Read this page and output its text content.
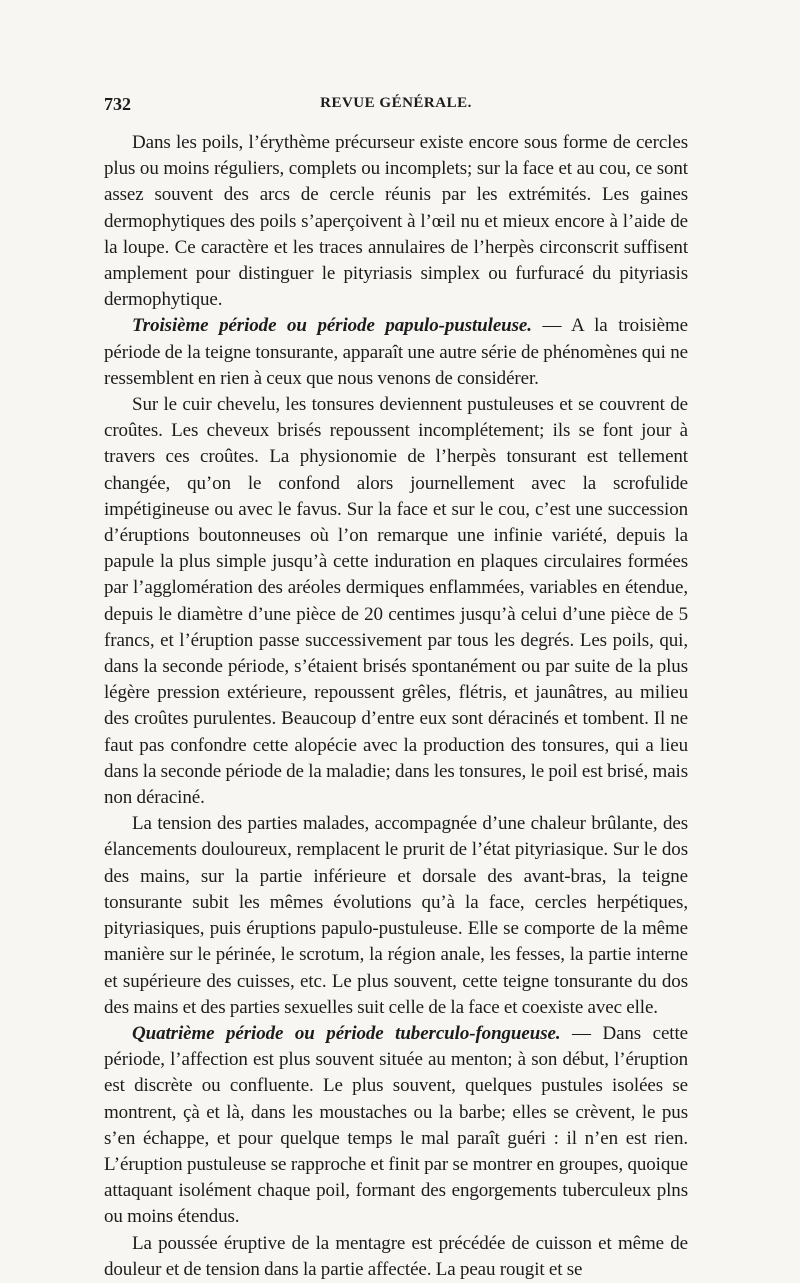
732	REVUE GÉNÉRALE.

Dans les poils, l’érythème précurseur existe encore sous forme de cercles plus ou moins réguliers, complets ou incomplets; sur la face et au cou, ce sont assez souvent des arcs de cercle réunis par les extrémités. Les gaines dermophytiques des poils s’aperçoivent à l’œil nu et mieux encore à l’aide de la loupe. Ce caractère et les traces annulaires de l’herpès circonscrit suffisent amplement pour distinguer le pityriasis simplex ou furfuracé du pityriasis dermophytique.

Troisième période ou période papulo-pustuleuse. — A la troisième période de la teigne tonsurante, apparaît une autre série de phénomènes qui ne ressemblent en rien à ceux que nous venons de considérer.

Sur le cuir chevelu, les tonsures deviennent pustuleuses et se couvrent de croûtes. Les cheveux brisés repoussent incomplétement; ils se font jour à travers ces croûtes. La physionomie de l’herpès tonsurant est tellement changée, qu’on le confond alors journellement avec la scrofulide impétigineuse ou avec le favus. Sur la face et sur le cou, c’est une succession d’éruptions boutonneuses où l’on remarque une infinie variété, depuis la papule la plus simple jusqu’à cette induration en plaques circulaires formées par l’agglomération des aréoles dermiques enflammées, variables en étendue, depuis le diamètre d’une pièce de 20 centimes jusqu’à celui d’une pièce de 5 francs, et l’éruption passe successivement par tous les degrés. Les poils, qui, dans la seconde période, s’étaient brisés spontanément ou par suite de la plus légère pression extérieure, repoussent grêles, flétris, et jaunâtres, au milieu des croûtes purulentes. Beaucoup d’entre eux sont déracinés et tombent. Il ne faut pas confondre cette alopécie avec la production des tonsures, qui a lieu dans la seconde période de la maladie; dans les tonsures, le poil est brisé, mais non déraciné.

La tension des parties malades, accompagnée d’une chaleur brûlante, des élancements douloureux, remplacent le prurit de l’état pityriasique. Sur le dos des mains, sur la partie inférieure et dorsale des avant-bras, la teigne tonsurante subit les mêmes évolutions qu’à la face, cercles herpétiques, pityriasiques, puis éruptions papulo-pustuleuse. Elle se comporte de la même manière sur le périnée, le scrotum, la région anale, les fesses, la partie interne et supérieure des cuisses, etc. Le plus souvent, cette teigne tonsurante du dos des mains et des parties sexuelles suit celle de la face et coexiste avec elle.

Quatrième période ou période tuberculo-fongueuse. — Dans cette période, l’affection est plus souvent située au menton; à son début, l’éruption est discrète ou confluente. Le plus souvent, quelques pustules isolées se montrent, çà et là, dans les moustaches ou la barbe; elles se crèvent, le pus s’en échappe, et pour quelque temps le mal paraît guéri : il n’en est rien. L’éruption pustuleuse se rapproche et finit par se montrer en groupes, quoique attaquant isolément chaque poil, formant des engorgements tuberculeux plns ou moins étendus.

La poussée éruptive de la mentagre est précédée de cuisson et même de douleur et de tension dans la partie affectée. La peau rougit et se
